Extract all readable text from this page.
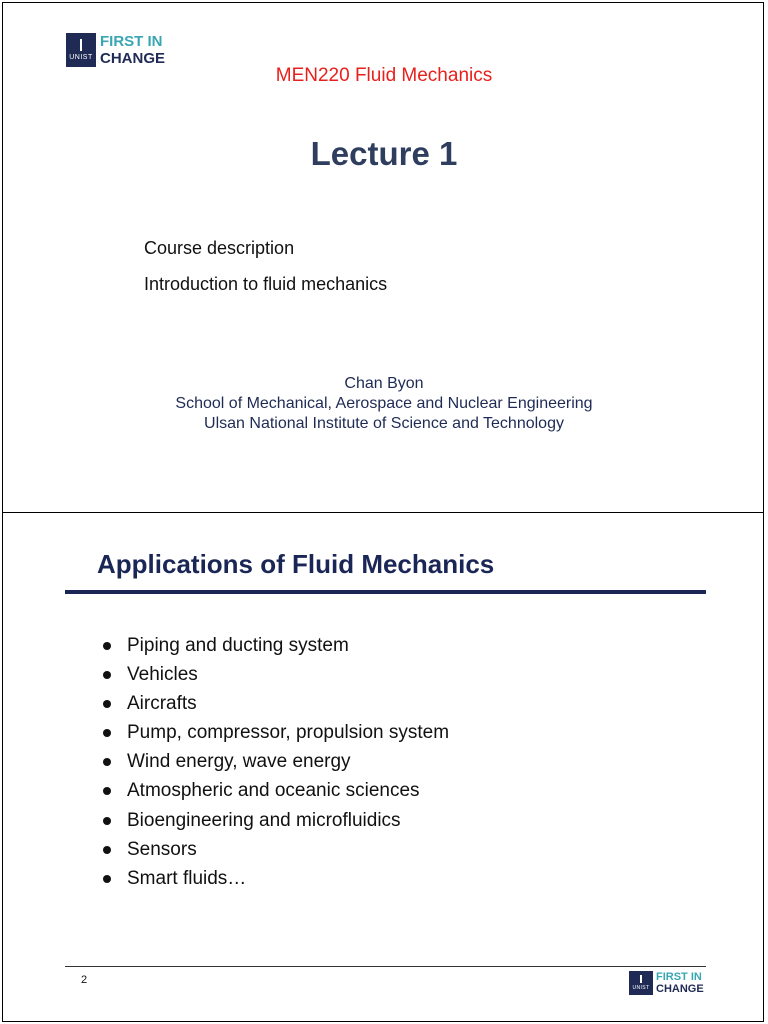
UNIST
FIRST IN
CHANGE
MEN220 Fluid Mechanics
Lecture 1
Course description
Introduction to fluid mechanics
Chan Byon
School of Mechanical, Aerospace and Nuclear Engineering
Ulsan National Institute of Science and Technology
Applications of Fluid Mechanics
Piping and ducting system
Vehicles
Aircrafts
Pump, compressor, propulsion system
Wind energy, wave energy
Atmospheric and oceanic sciences
Bioengineering and microfluidics
Sensors
Smart fluids…
2
UNIST
FIRST IN
CHANGE
